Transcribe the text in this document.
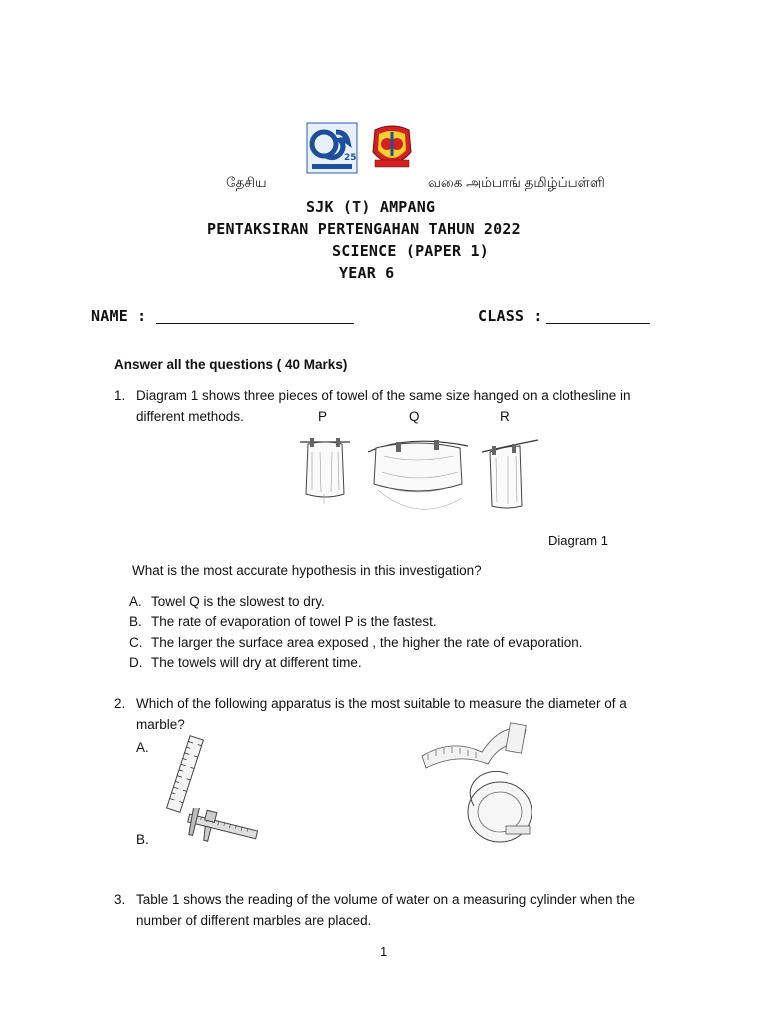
25
தேசிய	வகை அம்பாங் தமிழ்ப்பள்ளி
SJK (T) AMPANG
PENTAKSIRAN PERTENGAHAN TAHUN 2022
SCIENCE (PAPER 1)
YEAR 6
NAME :	CLASS :
Answer all the questions ( 40 Marks)
1. Diagram 1 shows three pieces of towel of the same size hanged on a clothesline in
different methods.	P	Q	R
Diagram 1
What is the most accurate hypothesis in this investigation?
A. Towel Q is the slowest to dry.
B. The rate of evaporation of towel P is the fastest.
C. The larger the surface area exposed , the higher the rate of evaporation.
D. The towels will dry at different time.
2. Which of the following apparatus is the most suitable to measure the diameter of a
marble?
A.
B.
3. Table 1 shows the reading of the volume of water on a measuring cylinder when the
number of different marbles are placed.
1
